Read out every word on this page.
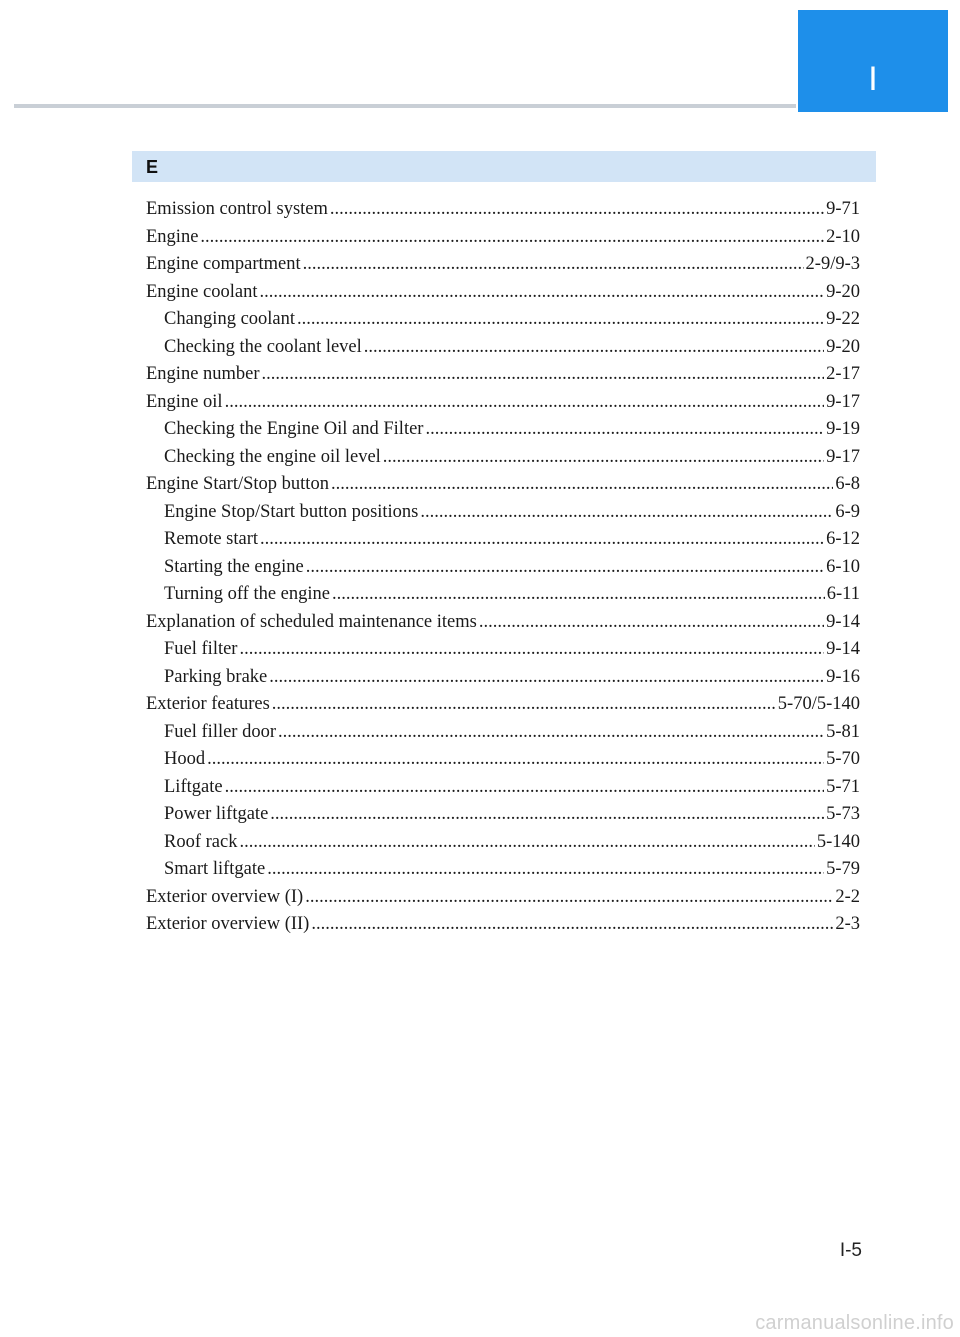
I
E
Emission control system .....	9-71
Engine .....	2-10
Engine compartment .....	2-9/9-3
Engine coolant .....	9-20
Changing coolant .....	9-22
Checking the coolant level .....	9-20
Engine number .....	2-17
Engine oil .....	9-17
Checking the Engine Oil and Filter .....	9-19
Checking the engine oil level .....	9-17
Engine Start/Stop button .....	6-8
Engine Stop/Start button positions .....	6-9
Remote start .....	6-12
Starting the engine .....	6-10
Turning off the engine .....	6-11
Explanation of scheduled maintenance items .....	9-14
Fuel filter .....	9-14
Parking brake .....	9-16
Exterior features .....	5-70/5-140
Fuel filler door .....	5-81
Hood .....	5-70
Liftgate .....	5-71
Power liftgate .....	5-73
Roof rack .....	5-140
Smart liftgate .....	5-79
Exterior overview (I) .....	2-2
Exterior overview (II) .....	2-3
I-5
carmanualsonline.info
